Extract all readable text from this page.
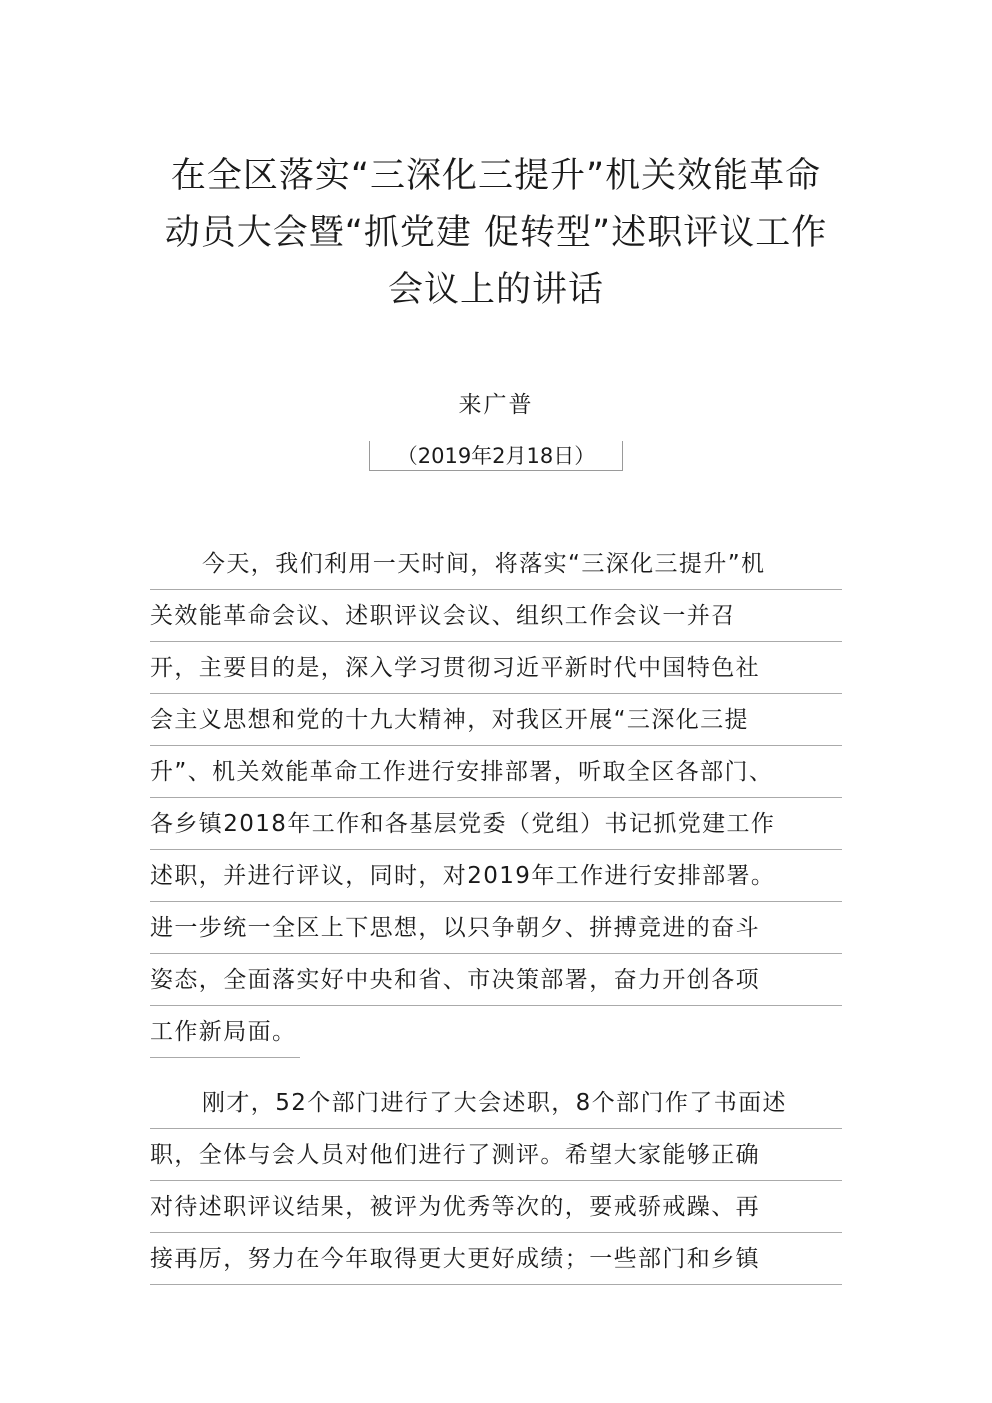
在全区落实“三深化三提升”机关效能革命
动员大会暨“抓党建 促转型”述职评议工作
会议上的讲话
来广普
（2019年2月18日）
今天，我们利用一天时间，将落实“三深化三提升”机
关效能革命会议、述职评议会议、组织工作会议一并召
开，主要目的是，深入学习贯彻习近平新时代中国特色社
会主义思想和党的十九大精神，对我区开展“三深化三提
升”、机关效能革命工作进行安排部署，听取全区各部门、
各乡镇2018年工作和各基层党委（党组）书记抓党建工作
述职，并进行评议，同时，对2019年工作进行安排部署。
进一步统一全区上下思想，以只争朝夕、拼搏竞进的奋斗
姿态，全面落实好中央和省、市决策部署，奋力开创各项
工作新局面。
刚才，52个部门进行了大会述职，8个部门作了书面述
职，全体与会人员对他们进行了测评。希望大家能够正确
对待述职评议结果，被评为优秀等次的，要戒骄戒躁、再
接再厉，努力在今年取得更大更好成绩；一些部门和乡镇
